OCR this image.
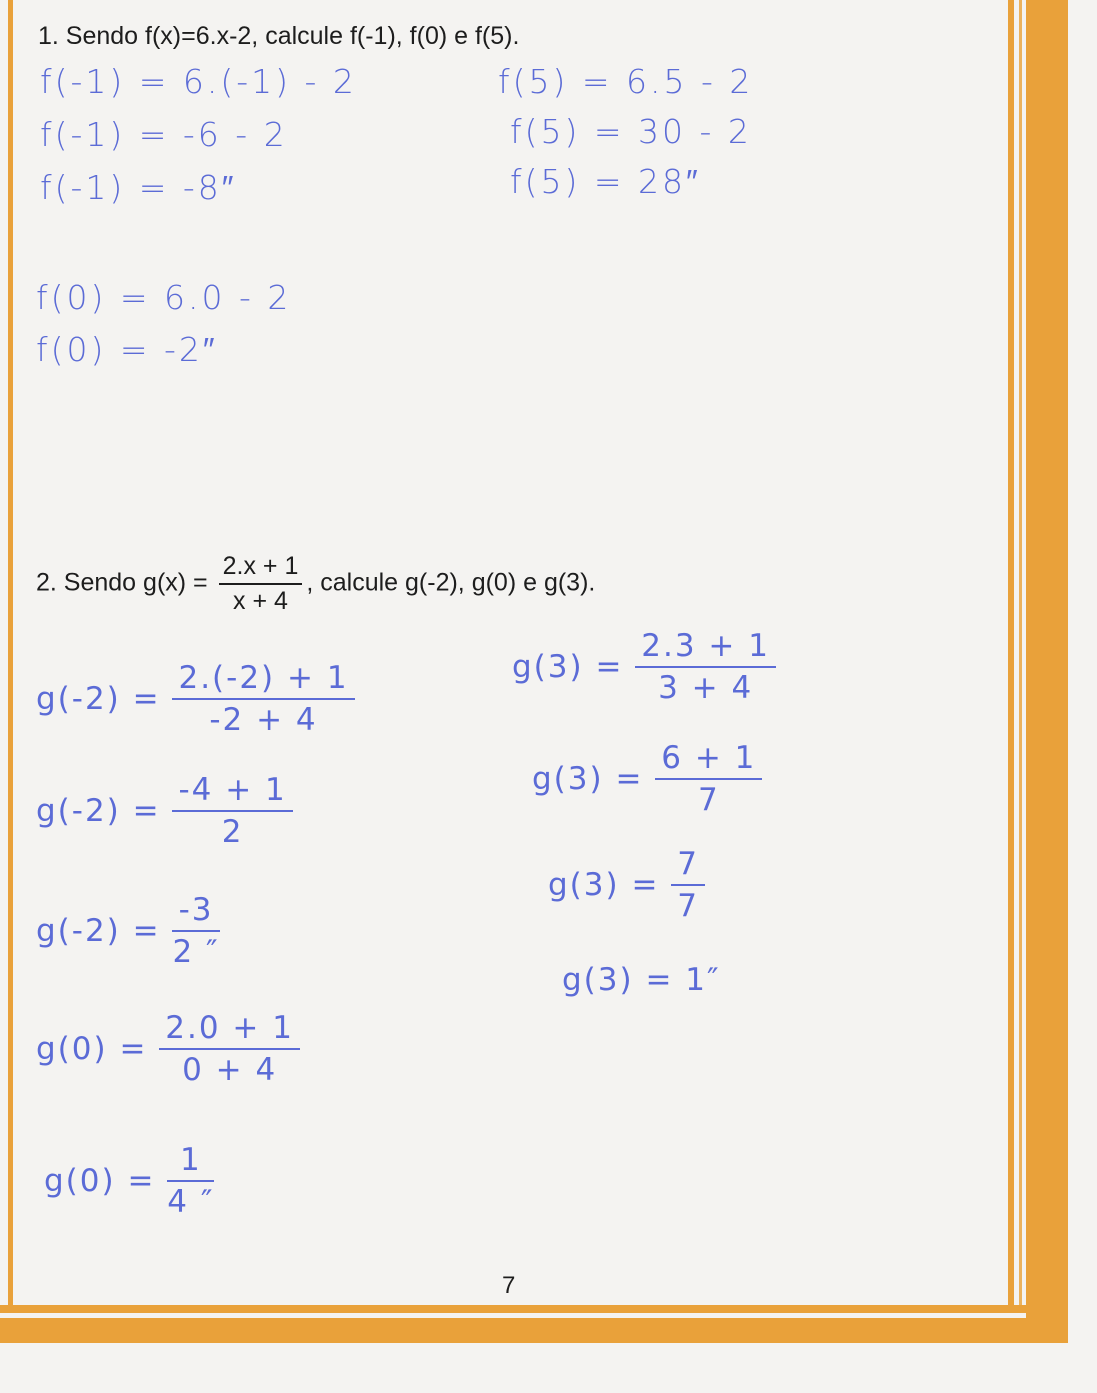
1. Sendo f(x)=6.x-2, calcule f(-1), f(0) e f(5).
f(-1) = 6.(-1) - 2
f(-1) = -6 - 2
f(-1) = -8″
f(5) = 6.5 - 2
f(5) = 30 - 2
f(5) = 28″
f(0) = 6.0 - 2
f(0) = -2″
2. Sendo $g(x) = \frac{2.x + 1}{x + 4}$ , calcule g(-2), g(0) e g(3).
$g(-2) = \frac{2.(-2) + 1}{-2 + 4}$
$g(-2) = \frac{-4 + 1}{2}$
$g(-2) = \frac{-3}{2 ''}$
$g(0) = \frac{2.0 + 1}{0 + 4}$
$g(0) = \frac{1}{4 ''}$
$g(3) = \frac{2.3 + 1}{3 + 4}$
$g(3) = \frac{6 + 1}{7}$
$g(3) = \frac{7}{7}$
g(3) = 1″
7
